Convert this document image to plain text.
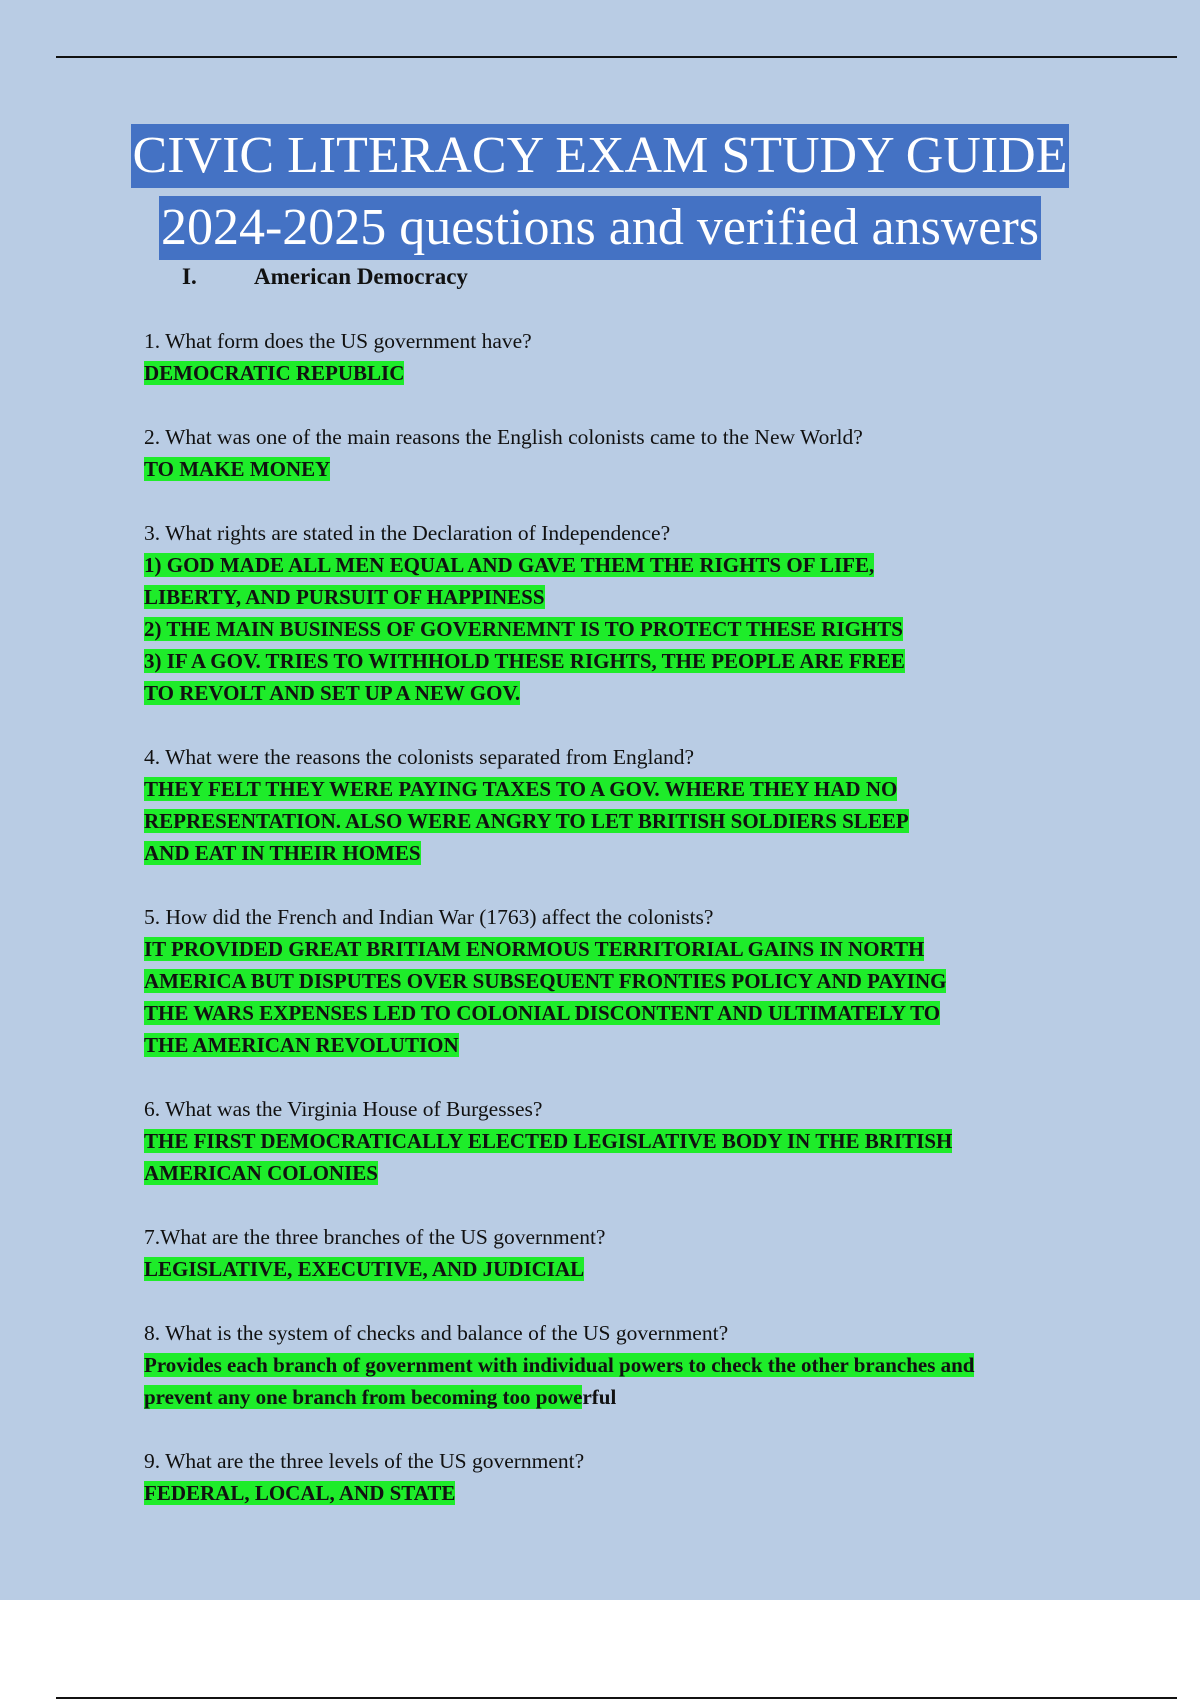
CIVIC LITERACY EXAM STUDY GUIDE
2024-2025 questions and verified answers
I. American Democracy
1. What form does the US government have?
DEMOCRATIC REPUBLIC
2. What was one of the main reasons the English colonists came to the New World?
TO MAKE MONEY
3. What rights are stated in the Declaration of Independence?
1) GOD MADE ALL MEN EQUAL AND GAVE THEM THE RIGHTS OF LIFE,
LIBERTY, AND PURSUIT OF HAPPINESS
2) THE MAIN BUSINESS OF GOVERNEMNT IS TO PROTECT THESE RIGHTS
3) IF A GOV. TRIES TO WITHHOLD THESE RIGHTS, THE PEOPLE ARE FREE
TO REVOLT AND SET UP A NEW GOV.
4. What were the reasons the colonists separated from England?
THEY FELT THEY WERE PAYING TAXES TO A GOV. WHERE THEY HAD NO
REPRESENTATION. ALSO WERE ANGRY TO LET BRITISH SOLDIERS SLEEP
AND EAT IN THEIR HOMES
5. How did the French and Indian War (1763) affect the colonists?
IT PROVIDED GREAT BRITIAM ENORMOUS TERRITORIAL GAINS IN NORTH
AMERICA BUT DISPUTES OVER SUBSEQUENT FRONTIES POLICY AND PAYING
THE WARS EXPENSES LED TO COLONIAL DISCONTENT AND ULTIMATELY TO
THE AMERICAN REVOLUTION
6. What was the Virginia House of Burgesses?
THE FIRST DEMOCRATICALLY ELECTED LEGISLATIVE BODY IN THE BRITISH
AMERICAN COLONIES
7.What are the three branches of the US government?
LEGISLATIVE, EXECUTIVE, AND JUDICIAL
8. What is the system of checks and balance of the US government?
Provides each branch of government with individual powers to check the other branches and
prevent any one branch from becoming too powerful
9. What are the three levels of the US government?
FEDERAL, LOCAL, AND STATE
